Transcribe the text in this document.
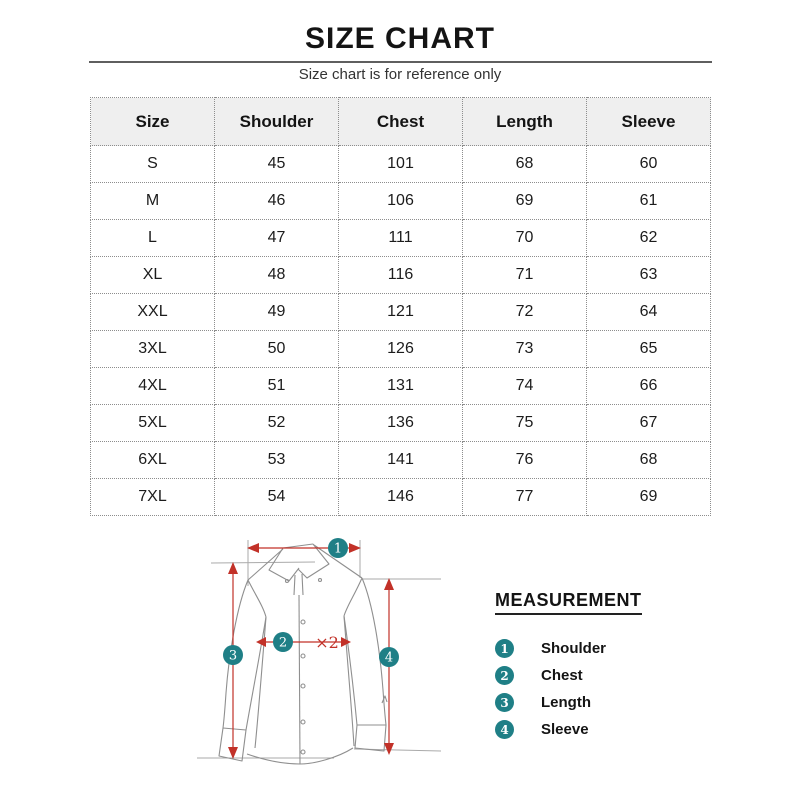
SIZE CHART
Size chart is for reference only
Size	Shoulder	Chest	Length	Sleeve
S	45	101	68	60
M	46	106	69	61
L	47	111	70	62
XL	48	116	71	63
XXL	49	121	72	64
3XL	50	126	73	65
4XL	51	131	74	66
5XL	52	136	75	67
6XL	53	141	76	68
7XL	54	146	77	69
×2
1
2
3	4
MEASUREMENT
1	Shoulder
2	Chest
3	Length
4	Sleeve
